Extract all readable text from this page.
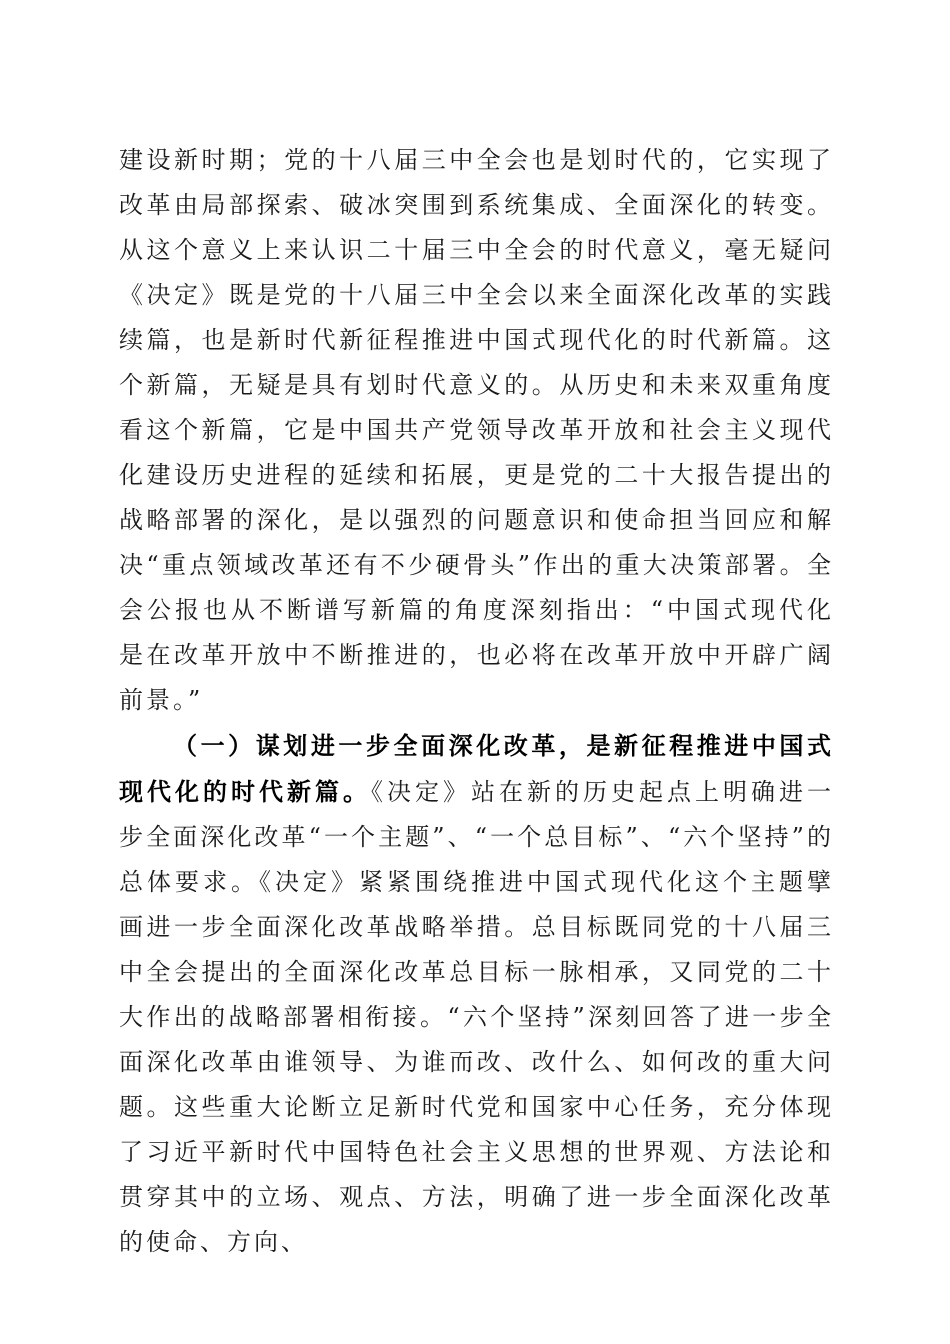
建设新时期；党的十八届三中全会也是划时代的，它实现了改革由局部探索、破冰突围到系统集成、全面深化的转变。从这个意义上来认识二十届三中全会的时代意义，毫无疑问《决定》既是党的十八届三中全会以来全面深化改革的实践续篇，也是新时代新征程推进中国式现代化的时代新篇。这个新篇，无疑是具有划时代意义的。从历史和未来双重角度看这个新篇，它是中国共产党领导改革开放和社会主义现代化建设历史进程的延续和拓展，更是党的二十大报告提出的战略部署的深化，是以强烈的问题意识和使命担当回应和解决“重点领域改革还有不少硬骨头”作出的重大决策部署。全会公报也从不断谱写新篇的角度深刻指出：“中国式现代化是在改革开放中不断推进的，也必将在改革开放中开辟广阔前景。”

（一）谋划进一步全面深化改革，是新征程推进中国式现代化的时代新篇。《决定》站在新的历史起点上明确进一步全面深化改革“一个主题”、“一个总目标”、“六个坚持”的总体要求。《决定》紧紧围绕推进中国式现代化这个主题擘画进一步全面深化改革战略举措。总目标既同党的十八届三中全会提出的全面深化改革总目标一脉相承，又同党的二十大作出的战略部署相衔接。“六个坚持”深刻回答了进一步全面深化改革由谁领导、为谁而改、改什么、如何改的重大问题。这些重大论断立足新时代党和国家中心任务，充分体现了习近平新时代中国特色社会主义思想的世界观、方法论和贯穿其中的立场、观点、方法，明确了进一步全面深化改革的使命、方向、
